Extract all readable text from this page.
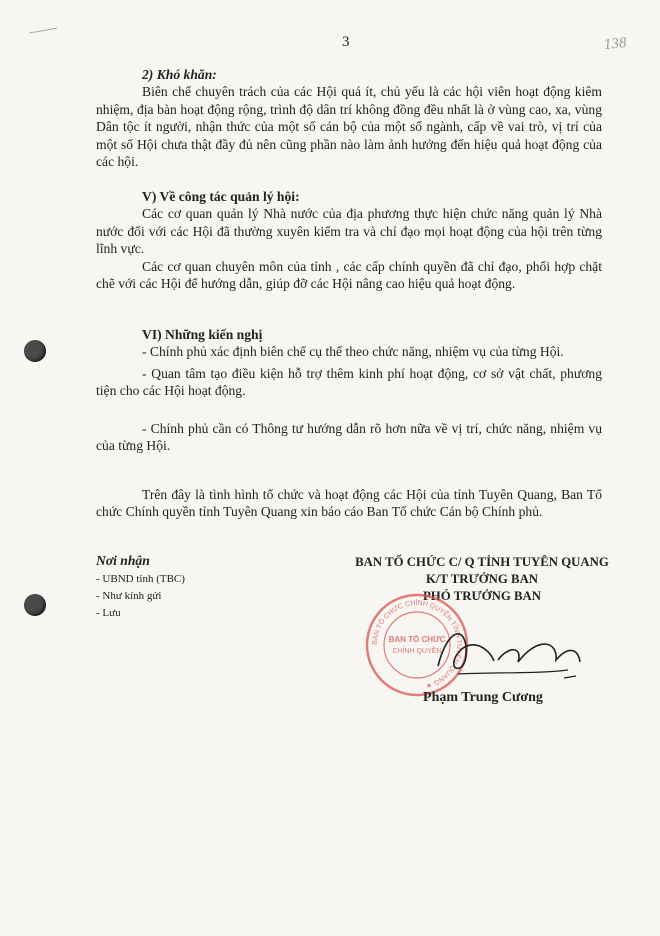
3	138

2) Khó khăn:

Biên chế chuyên trách của các Hội quá ít, chủ yếu là các hội viên hoạt động kiêm nhiệm, địa bàn hoạt động rộng, trình độ dân trí không đồng đều nhất là ở vùng cao, xa, vùng Dân tộc ít người, nhận thức của một số cán bộ của một số ngành, cấp về vai trò, vị trí của một số Hội chưa thật đầy đủ nên cũng phần nào làm ảnh hưởng đến hiệu quả hoạt động của các hội.

V) Về công tác quản lý hội:

Các cơ quan quản lý Nhà nước của địa phương thực hiện chức năng quản lý Nhà nước đối với các Hội đã thường xuyên kiểm tra và chỉ đạo mọi hoạt động của hội trên từng lĩnh vực.

Các cơ quan chuyên môn của tỉnh , các cấp chính quyền đã chỉ đạo, phối hợp chặt chẽ với các Hội để hướng dẫn, giúp đỡ các Hội nâng cao hiệu quả hoạt động.

VI) Những kiến nghị

- Chính phủ xác định biên chế cụ thể theo chức năng, nhiệm vụ của từng Hội.

- Quan tâm tạo điều kiện hỗ trợ thêm kinh phí hoạt động, cơ sở vật chất, phương tiện cho các Hội hoạt động.

- Chính phủ cần có Thông tư hướng dẫn rõ hơn nữa về vị trí, chức năng, nhiệm vụ của từng Hội.

Trên đây là tình hình tổ chức và hoạt động các Hội của tỉnh Tuyên Quang, Ban Tổ chức Chính quyền tỉnh Tuyên Quang xin báo cáo Ban Tổ chức Cán bộ Chính phủ.

Nơi nhận
- UBND tỉnh (TBC)
- Như kính gửi
- Lưu
BAN TỔ CHỨC C/ Q TỈNH TUYÊN QUANG
K/T TRƯỞNG BAN
PHÓ TRƯỞNG BAN
BAN TỔ CHỨC CHÍNH QUYỀN TỈNH TUYÊN QUANG ★
BAN TỔ CHỨC
CHÍNH QUYỀN
Phạm Trung Cương
